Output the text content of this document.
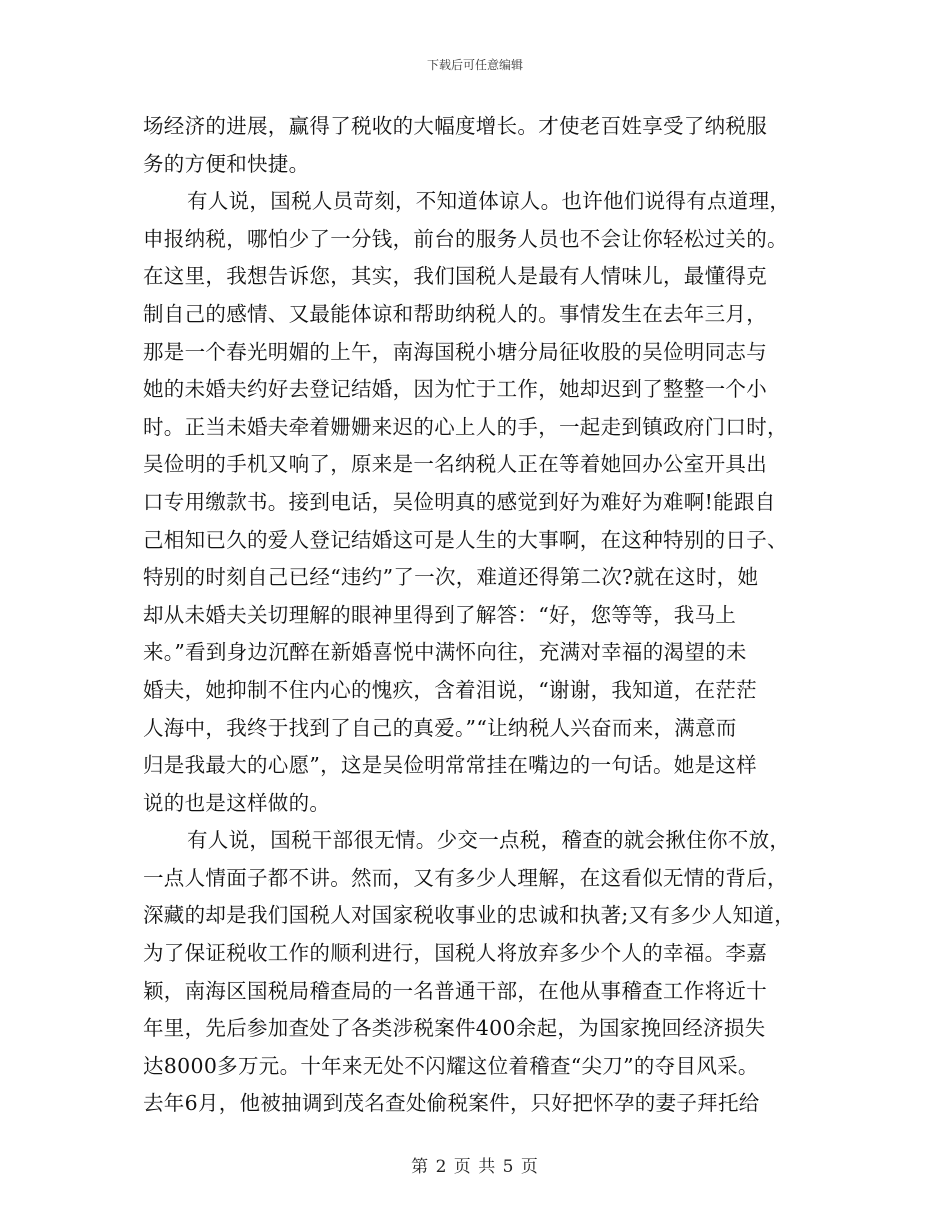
下载后可任意编辑
场经济的进展，赢得了税收的大幅度增长。才使老百姓享受了纳税服
务的方便和快捷。
有人说，国税人员苛刻，不知道体谅人。也许他们说得有点道理，
申报纳税，哪怕少了一分钱，前台的服务人员也不会让你轻松过关的。
在这里，我想告诉您，其实，我们国税人是最有人情味儿，最懂得克
制自己的感情、又最能体谅和帮助纳税人的。事情发生在去年三月，
那是一个春光明媚的上午，南海国税小塘分局征收股的吴俭明同志与
她的未婚夫约好去登记结婚，因为忙于工作，她却迟到了整整一个小
时。正当未婚夫牵着姗姗来迟的心上人的手，一起走到镇政府门口时，
吴俭明的手机又响了，原来是一名纳税人正在等着她回办公室开具出
口专用缴款书。接到电话，吴俭明真的感觉到好为难好为难啊!能跟自
己相知已久的爱人登记结婚这可是人生的大事啊，在这种特别的日子、
特别的时刻自己已经“违约”了一次，难道还得第二次?就在这时，她
却从未婚夫关切理解的眼神里得到了解答：“好，您等等，我马上
来。”看到身边沉醉在新婚喜悦中满怀向往，充满对幸福的渴望的未
婚夫，她抑制不住内心的愧疚，含着泪说，“谢谢，我知道，在茫茫
人海中，我终于找到了自己的真爱。”“让纳税人兴奋而来，满意而
归是我最大的心愿”，这是吴俭明常常挂在嘴边的一句话。她是这样
说的也是这样做的。
有人说，国税干部很无情。少交一点税，稽查的就会揪住你不放，
一点人情面子都不讲。然而，又有多少人理解，在这看似无情的背后，
深藏的却是我们国税人对国家税收事业的忠诚和执著;又有多少人知道，
为了保证税收工作的顺利进行，国税人将放弃多少个人的幸福。李嘉
颖，南海区国税局稽查局的一名普通干部，在他从事稽查工作将近十
年里，先后参加查处了各类涉税案件400余起，为国家挽回经济损失
达8000多万元。十年来无处不闪耀这位着稽查“尖刀”的夺目风采。
去年6月，他被抽调到茂名查处偷税案件，只好把怀孕的妻子拜托给
第 2 页 共 5 页
